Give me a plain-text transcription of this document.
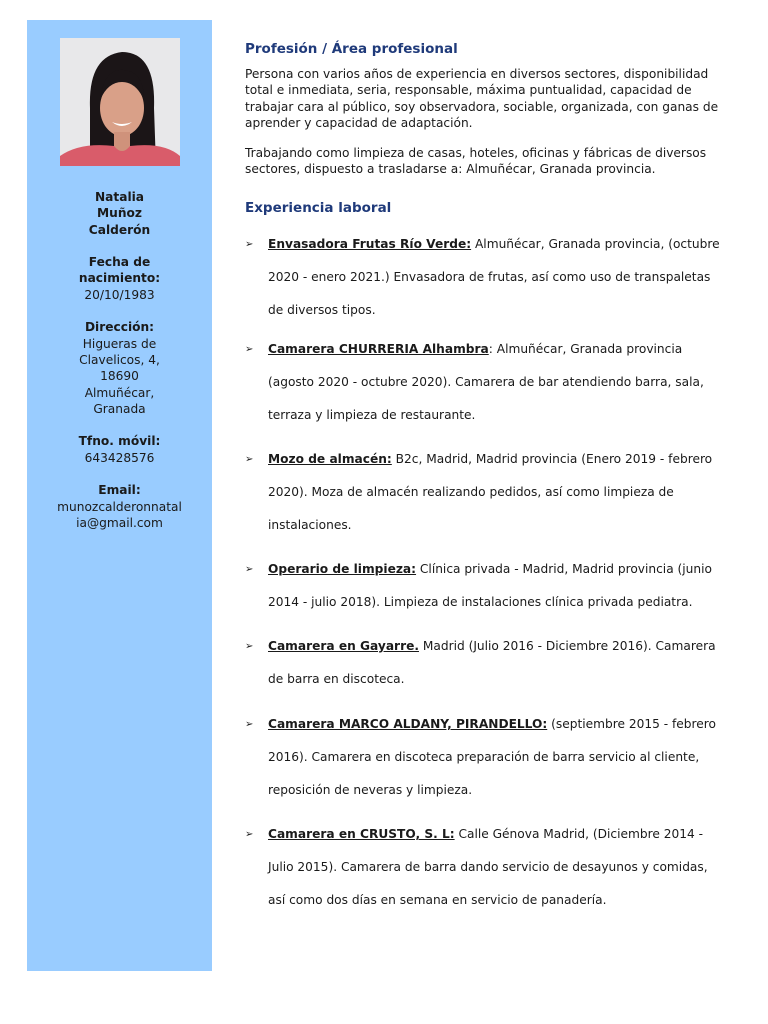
Natalia Muñoz Calderón
Fecha de nacimiento:
20/10/1983
Dirección:
Higueras de Clavelicos, 4, 18690 Almuñécar, Granada
Tfno. móvil:
643428576
Email:
munozcalderonnatalia@gmail.com
Profesión / Área profesional

Persona con varios años de experiencia en diversos sectores, disponibilidad total e inmediata, seria, responsable, máxima puntualidad, capacidad de trabajar cara al público, soy observadora, sociable, organizada, con ganas de aprender y capacidad de adaptación.

Trabajando como limpieza de casas, hoteles, oficinas y fábricas de diversos sectores, dispuesto a trasladarse a: Almuñécar, Granada provincia.

Experiencia laboral
➢ Envasadora Frutas Río Verde: Almuñécar, Granada provincia, (octubre 2020 - enero 2021.) Envasadora de frutas, así como uso de transpaletas de diversos tipos.
➢ Camarera CHURRERIA Alhambra: Almuñécar, Granada provincia (agosto 2020 - octubre 2020). Camarera de bar atendiendo barra, sala, terraza y limpieza de restaurante.
➢ Mozo de almacén: B2c, Madrid, Madrid provincia (Enero 2019 - febrero 2020). Moza de almacén realizando pedidos, así como limpieza de instalaciones.
➢ Operario de limpieza: Clínica privada - Madrid, Madrid provincia (junio 2014 - julio 2018). Limpieza de instalaciones clínica privada pediatra.
➢ Camarera en Gayarre. Madrid (Julio 2016 - Diciembre 2016). Camarera de barra en discoteca.
➢ Camarera MARCO ALDANY, PIRANDELLO: (septiembre 2015 - febrero 2016). Camarera en discoteca preparación de barra servicio al cliente, reposición de neveras y limpieza.
➢ Camarera en CRUSTO, S. L: Calle Génova Madrid, (Diciembre 2014 - Julio 2015). Camarera de barra dando servicio de desayunos y comidas, así como dos días en semana en servicio de panadería.
